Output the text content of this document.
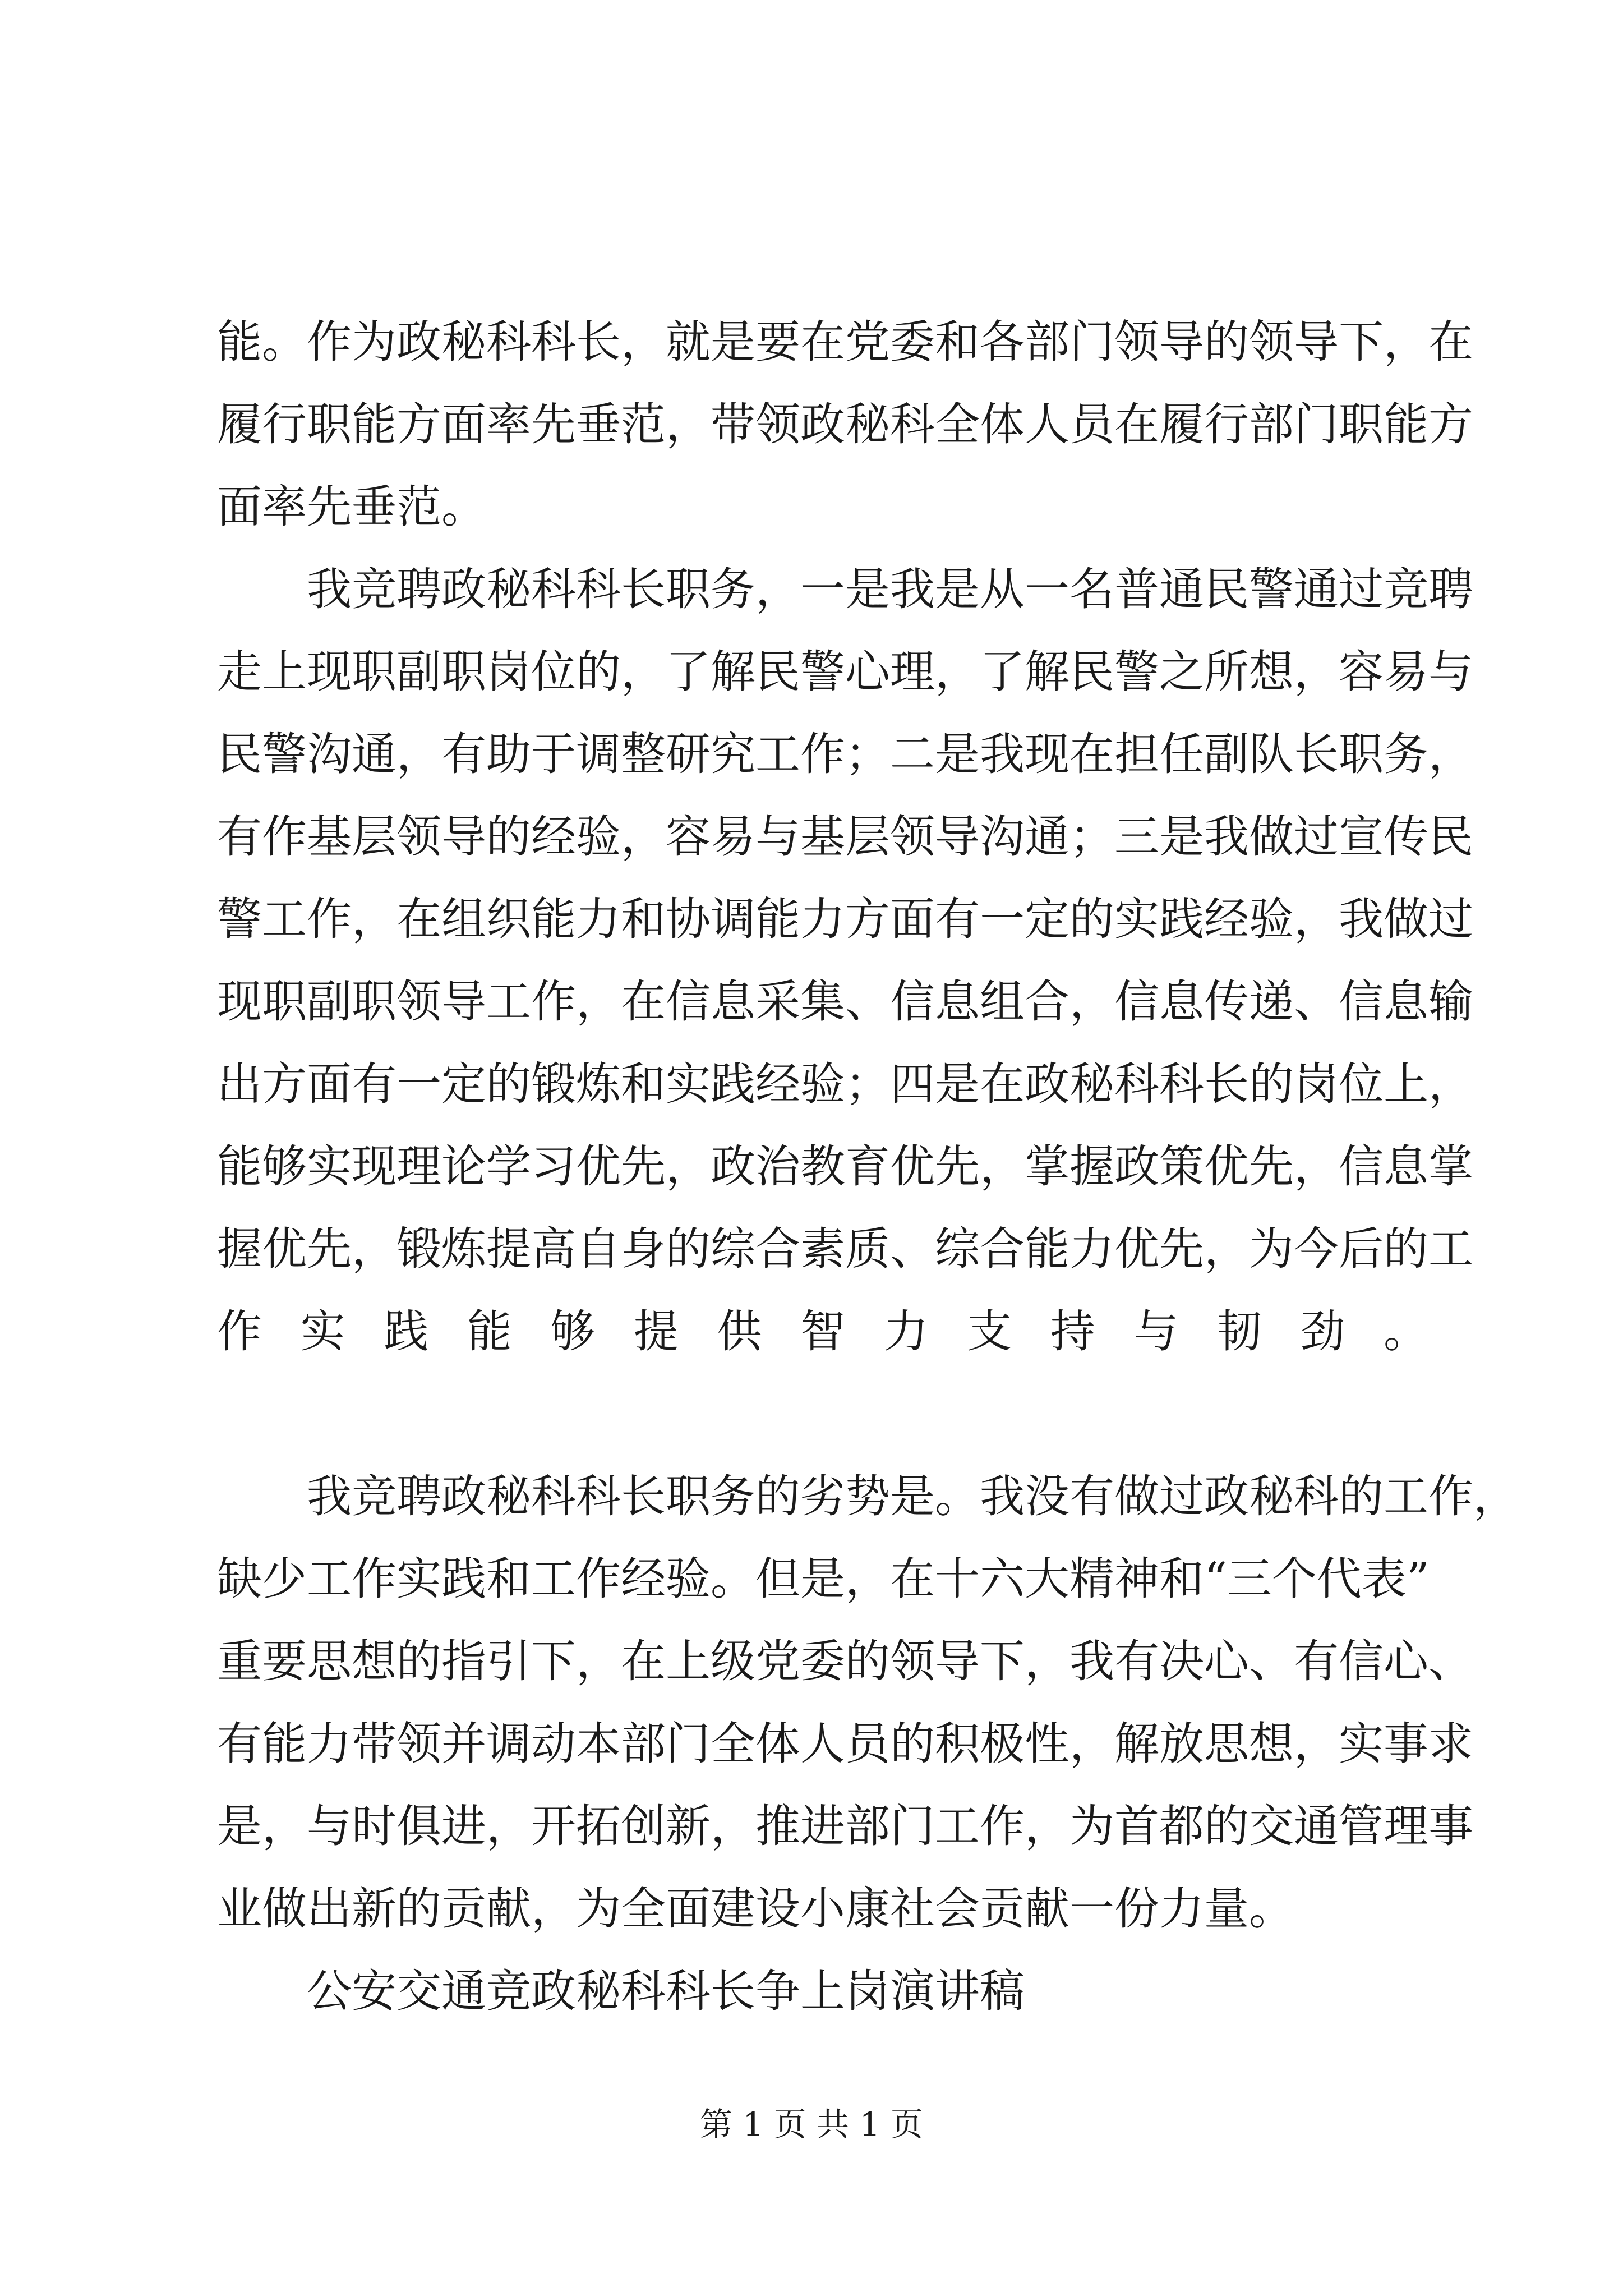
能。作为政秘科科长，就是要在党委和各部门领导的领导下，在
履行职能方面率先垂范，带领政秘科全体人员在履行部门职能方
面率先垂范。
我竞聘政秘科科长职务，一是我是从一名普通民警通过竞聘
走上现职副职岗位的，了解民警心理，了解民警之所想，容易与
民警沟通，有助于调整研究工作；二是我现在担任副队长职务，
有作基层领导的经验，容易与基层领导沟通；三是我做过宣传民
警工作，在组织能力和协调能力方面有一定的实践经验，我做过
现职副职领导工作，在信息采集、信息组合，信息传递、信息输
出方面有一定的锻炼和实践经验；四是在政秘科科长的岗位上，
能够实现理论学习优先，政治教育优先，掌握政策优先，信息掌
握优先，锻炼提高自身的综合素质、综合能力优先，为今后的工
作实践能够提供智力支持与韧劲。
我竞聘政秘科科长职务的劣势是。我没有做过政秘科的工作，
缺少工作实践和工作经验。但是，在十六大精神和“三个代表”
重要思想的指引下，在上级党委的领导下，我有决心、有信心、
有能力带领并调动本部门全体人员的积极性，解放思想，实事求
是，与时俱进，开拓创新，推进部门工作，为首都的交通管理事
业做出新的贡献，为全面建设小康社会贡献一份力量。
公安交通竞政秘科科长争上岗演讲稿
第 1 页 共 1 页
